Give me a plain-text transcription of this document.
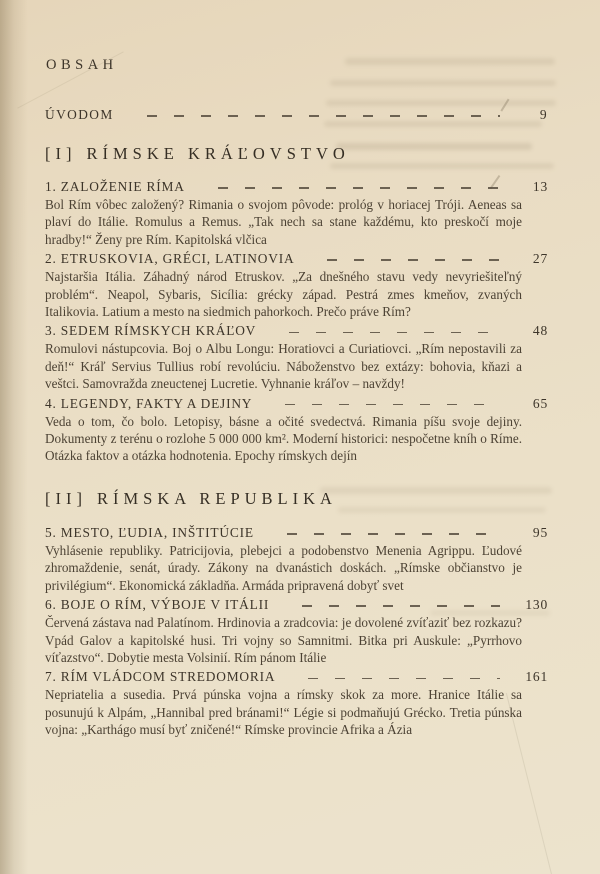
OBSAH
ÚVODOM	9
[I] RÍMSKE KRÁĽOVSTVO
1. ZALOŽENIE RÍMA	13

Bol Rím vôbec založený? Rimania o svojom pôvode: prológ v horiacej Tróji. Aeneas sa plaví do Itálie. Romulus a Remus. „Tak nech sa stane každému, kto preskočí moje hradby!“ Ženy pre Rím. Kapitolská vlčica

2. ETRUSKOVIA, GRÉCI, LATINOVIA	27

Najstaršia Itália. Záhadný národ Etruskov. „Za dnešného stavu vedy nevyriešiteľný problém“. Neapol, Sybaris, Sicília: grécky západ. Pestrá zmes kmeňov, zvaných Italikovia. Latium a mesto na siedmich pahorkoch. Prečo práve Rím?

3. SEDEM RÍMSKYCH KRÁĽOV	48

Romulovi nástupcovia. Boj o Albu Longu: Horatiovci a Curiatiovci. „Rím nepostavili za deň!“ Kráľ Servius Tullius robí revolúciu. Náboženstvo bez extázy: bohovia, kňazi a veštci. Samovražda zneuctenej Lucretie. Vyhnanie kráľov – navždy!

4. LEGENDY, FAKTY A DEJINY	65

Veda o tom, čo bolo. Letopisy, básne a očité svedectvá. Rimania píšu svoje dejiny. Dokumenty z terénu o rozlohe 5 000 000 km². Moderní historici: nespočetne kníh o Ríme. Otázka faktov a otázka hodnotenia. Epochy rímskych dejín

[II] RÍMSKA REPUBLIKA
5. MESTO, ĽUDIA, INŠTITÚCIE	95

Vyhlásenie republiky. Patricijovia, plebejci a podobenstvo Menenia Agrippu. Ľudové zhromaždenie, senát, úrady. Zákony na dvanástich doskách. „Rímske občianstvo je privilégium“. Ekonomická základňa. Armáda pripravená dobyť svet

6. BOJE O RÍM, VÝBOJE V ITÁLII	130

Červená zástava nad Palatínom. Hrdinovia a zradcovia: je dovolené zvíťaziť bez rozkazu? Vpád Galov a kapitolské husi. Tri vojny so Samnitmi. Bitka pri Auskule: „Pyrrhovo víťazstvo“. Dobytie mesta Volsinií. Rím pánom Itálie

7. RÍM VLÁDCOM STREDOMORIA	161

Nepriatelia a susedia. Prvá púnska vojna a rímsky skok za more. Hranice Itálie sa posunujú k Alpám, „Hannibal pred bránami!“ Légie si podmaňujú Grécko. Tretia púnska vojna: „Karthágo musí byť zničené!“ Rímske provincie Afrika a Ázia
